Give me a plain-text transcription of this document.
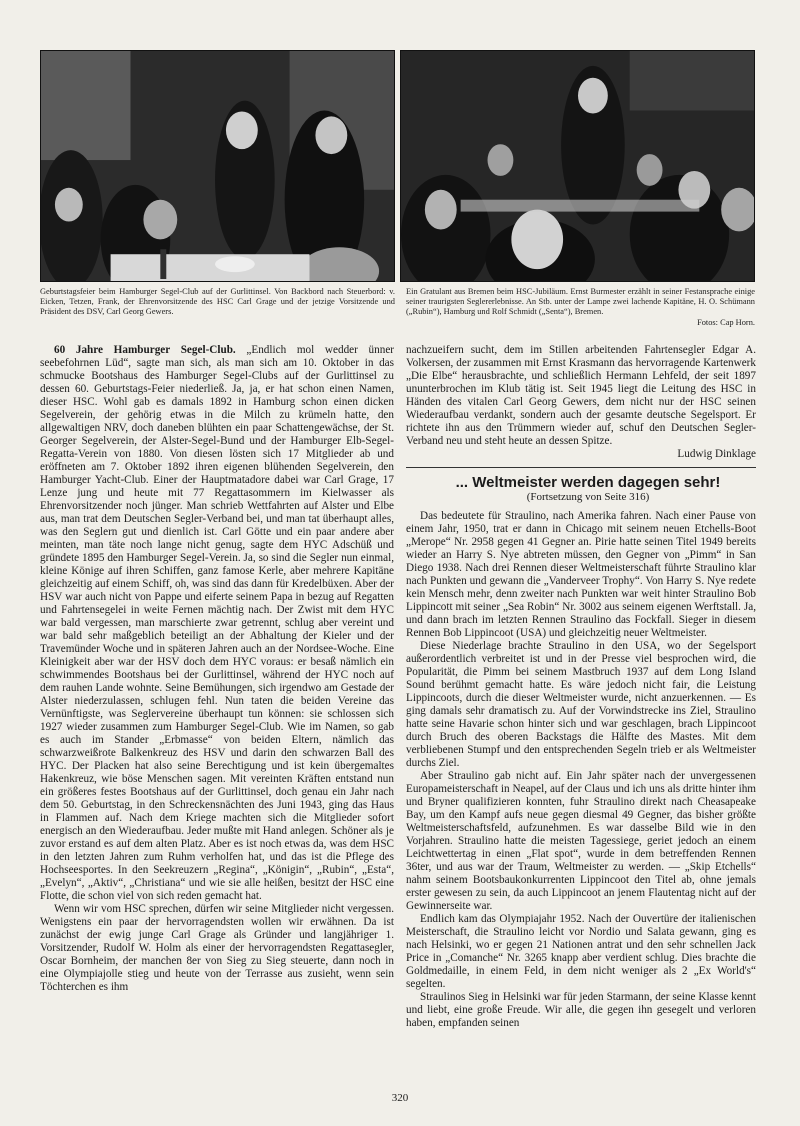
Geburtstagsfeier beim Hamburger Segel-Club auf der Gurlittinsel. Von Backbord nach Steuerbord: v. Eicken, Tetzen, Frank, der Ehrenvorsitzende des HSC Carl Grage und der jetzige Vorsitzende und Präsident des DSV, Carl Georg Gewers.
Ein Gratulant aus Bremen beim HSC-Jubiläum. Ernst Burmester erzählt in seiner Festansprache einige seiner traurigsten Seglererlebnisse. An Stb. unter der Lampe zwei lachende Kapitäne, H. O. Schümann („Rubin“), Hamburg und Rolf Schmidt („Senta“), Bremen.
Fotos: Cap Horn.

60 Jahre Hamburger Segel-Club. „Endlich mol wedder ünner seebefohrnen Lüd“, sagte man sich, als man sich am 10. Oktober in das schmucke Bootshaus des Hamburger Segel-Clubs auf der Gurlittinsel zu dessen 60. Geburtstags-Feier niederließ. Ja, ja, er hat schon einen Namen, dieser HSC. Wohl gab es damals 1892 in Hamburg schon einen dicken Segelverein, der gehörig etwas in die Milch zu krümeln hatte, den allgewaltigen NRV, doch daneben blühten ein paar Schattengewächse, der St. Georger Segelverein, der Alster-Segel-Bund und der Hamburger Elb-Segel-Regatta-Verein von 1880. Von diesen lösten sich 17 Mitglieder ab und eröffneten am 7. Oktober 1892 ihren eigenen blühenden Segelverein, den Hamburger Yacht-Club. Einer der Hauptmatadore dabei war Carl Grage, 17 Lenze jung und heute mit 77 Regattasommern im Kielwasser als Ehrenvorsitzender noch jünger. Man schrieb Wettfahrten auf Alster und Elbe aus, man trat dem Deutschen Segler-Verband bei, und man tat überhaupt alles, was den Seglern gut und dienlich ist. Carl Götte und ein paar andere aber meinten, man täte noch lange nicht genug, sagte dem HYC Adschüß und gründete 1895 den Hamburger Segel-Verein. Ja, so sind die Segler nun einmal, kleine Könige auf ihren Schiffen, ganz famose Kerle, aber mehrere Kapitäne gleichzeitig auf einem Schiff, oh, was sind das dann für Kredelbüxen. Aber der HSV war auch nicht von Pappe und eiferte seinem Papa in bezug auf Regatten und Fahrtensegelei in weite Fernen mächtig nach. Der Zwist mit dem HYC war bald vergessen, man marschierte zwar getrennt, schlug aber vereint und war bald sehr maßgeblich beteiligt an der Abhaltung der Kieler und der Travemünder Woche und in späteren Jahren auch an der Nordsee-Woche. Eine Kleinigkeit aber war der HSV doch dem HYC voraus: er besaß nämlich ein schwimmendes Bootshaus bei der Gurlittinsel, während der HYC noch auf dem rauhen Lande wohnte. Seine Bemühungen, sich irgendwo am Gestade der Alster niederzulassen, schlugen fehl. Nun taten die beiden Vereine das Vernünftigste, was Seglervereine überhaupt tun können: sie schlossen sich 1927 wieder zusammen zum Hamburger Segel-Club. Wie im Namen, so gab es auch im Stander „Erbmasse“ von beiden Eltern, nämlich das schwarzweißrote Balkenkreuz des HSV und darin den schwarzen Ball des HYC. Der Placken hat also seine Berechtigung und ist kein übergemaltes Hakenkreuz, wie böse Menschen sagen. Mit vereinten Kräften entstand nun ein größeres festes Bootshaus auf der Gurlittinsel, doch genau ein Jahr nach dem 50. Geburtstag, in den Schreckensnächten des Juni 1943, ging das Haus in Flammen auf. Nach dem Kriege machten sich die Mitglieder sofort energisch an den Wiederaufbau. Jeder mußte mit Hand anlegen. Schöner als je zuvor erstand es auf dem alten Platz. Aber es ist noch etwas da, was dem HSC in den letzten Jahren zum Ruhm verholfen hat, und das ist die Pflege des Hochseesportes. In den Seekreuzern „Regina“, „Königin“, „Rubin“, „Esta“, „Evelyn“, „Aktiv“, „Christiana“ und wie sie alle heißen, besitzt der HSC eine Flotte, die schon viel von sich reden gemacht hat.

Wenn wir vom HSC sprechen, dürfen wir seine Mitglieder nicht vergessen. Wenigstens ein paar der hervorragendsten wollen wir erwähnen. Da ist zunächst der ewig junge Carl Grage als Gründer und langjähriger 1. Vorsitzender, Rudolf W. Holm als einer der hervorragendsten Regattasegler, Oscar Bornheim, der manchen 8er von Sieg zu Sieg steuerte, dann noch in eine Olympiajolle stieg und heute von der Terrasse aus zusieht, wenn sein Töchterchen es ihm

nachzueifern sucht, dem im Stillen arbeitenden Fahrtensegler Edgar A. Volkersen, der zusammen mit Ernst Krasmann das hervorragende Kartenwerk „Die Elbe“ herausbrachte, und schließlich Hermann Lehfeld, der seit 1897 ununterbrochen im Klub tätig ist. Seit 1945 liegt die Leitung des HSC in Händen des vitalen Carl Georg Gewers, dem nicht nur der HSC seinen Wiederaufbau verdankt, sondern auch der gesamte deutsche Segelsport. Er richtete ihn aus den Trümmern wieder auf, schuf den Deutschen Segler-Verband neu und steht heute an dessen Spitze.

Ludwig Dinklage

... Weltmeister werden dagegen sehr!

(Fortsetzung von Seite 316)

Das bedeutete für Straulino, nach Amerika fahren. Nach einer Pause von einem Jahr, 1950, trat er dann in Chicago mit seinem neuen Etchells-Boot „Merope“ Nr. 2958 gegen 41 Gegner an. Pirie hatte seinen Titel 1949 bereits wieder an Harry S. Nye abtreten müssen, den Gegner von „Pimm“ in San Diego 1938. Nach drei Rennen dieser Weltmeisterschaft führte Straulino klar nach Punkten und gewann die „Vanderveer Trophy“. Von Harry S. Nye redete kein Mensch mehr, denn zweiter nach Punkten war weit hinter Straulino Bob Lippincott mit seiner „Sea Robin“ Nr. 3002 aus seinem eigenen Werftstall. Ja, und dann brach im letzten Rennen Straulino das Fockfall. Sieger in diesem Rennen Bob Lippincoot (USA) und gleichzeitig neuer Weltmeister.

Diese Niederlage brachte Straulino in den USA, wo der Segelsport außerordentlich verbreitet ist und in der Presse viel besprochen wird, die Popularität, die Pimm bei seinem Mastbruch 1937 auf dem Long Island Sound berühmt gemacht hatte. Es wäre jedoch nicht fair, die Leistung Lippincoots, durch die dieser Weltmeister wurde, nicht anzuerkennen. — Es ging damals sehr dramatisch zu. Auf der Vorwindstrecke ins Ziel, Straulino hatte seine Havarie schon hinter sich und war geschlagen, brach Lippincoot durch Bruch des oberen Backstags die Hälfte des Mastes. Mit dem verbliebenen Stumpf und den entsprechenden Segeln trieb er als Weltmeister durchs Ziel.

Aber Straulino gab nicht auf. Ein Jahr später nach der unvergessenen Europameisterschaft in Neapel, auf der Claus und ich uns als dritte hinter ihm und Bryner qualifizieren konnten, fuhr Straulino direkt nach Cheasapeake Bay, um den Kampf aufs neue gegen diesmal 49 Gegner, das bisher größte Weltmeisterschaftsfeld, aufzunehmen. Es war dasselbe Bild wie in den Vorjahren. Straulino hatte die meisten Tagessiege, geriet jedoch an einem Leichtwettertag in einen „Flat spot“, wurde in dem betreffenden Rennen 36ter, und aus war der Traum, Weltmeister zu werden. — „Skip Etchells“ nahm seinem Bootsbaukonkurrenten Lippincoot den Titel ab, ohne jemals erster gewesen zu sein, da auch Lippincoot an jenem Flautentag nicht auf der Gewinnerseite war.

Endlich kam das Olympiajahr 1952. Nach der Ouvertüre der italienischen Meisterschaft, die Straulino leicht vor Nordio und Salata gewann, ging es nach Helsinki, wo er gegen 21 Nationen antrat und den sehr schnellen Jack Price in „Comanche“ Nr. 3265 knapp aber verdient schlug. Dies brachte die Goldmedaille, in einem Feld, in dem nicht weniger als 2 „Ex World's“ segelten.

Straulinos Sieg in Helsinki war für jeden Starmann, der seine Klasse kennt und liebt, eine große Freude. Wir alle, die gegen ihn gesegelt und verloren haben, empfanden seinen

320
